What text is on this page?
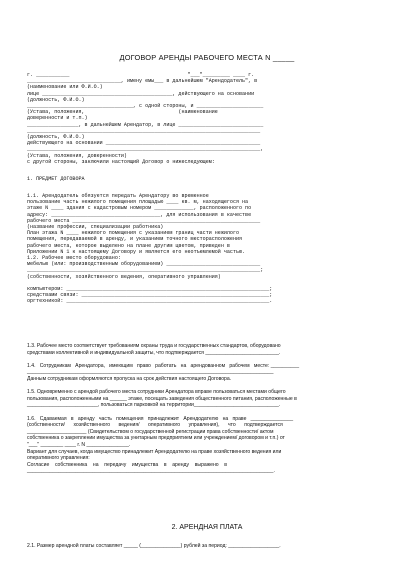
ДОГОВОР АРЕНДЫ РАБОЧЕГО МЕСТА N _____
г. ___________                                       "___"_________ ____ г.
_______________________________, имену емы___ в дальнейшем "Арендодатель", в
(наименование или Ф.И.О.)
лице ___________________________________________, действующего на основании
(должность, Ф.И.О.)
___________________________________, с одной стороны, и ______________________
(Устава, положения,                               (наименование
доверенности и т.п.)
_________________, в дальнейшем Арендатор, в лице ____________________________
_____________________________________________________________________________
(должность, Ф.И.О.)
действующего на основании ___________________________________________________
_____________________________________________________________________________,
(Устава, положения, доверенности)
с другой стороны, заключили настоящий Договор о нижеследующем:
1. ПРЕДМЕТ ДОГОВОРА
1.1. Арендодатель обязуется передать Арендатору во временное
пользование часть нежилого помещения площадью ____ кв. м, находящегося на
этаже N ____ здания с кадастровым номером _____________, расположенного по
адресу: ____________________________________, для использования в качестве
рабочего места ______________________________________________________________
(название профессии, специализации работника)
План этажа N ____ нежилого помещения с указанием границ части нежилого
помещения, передаваемой в аренду, и указанием точного месторасположения
рабочего места, которое выделено на плане другим цветом, приведен в
Приложении N 1 к настоящему Договору и является его неотъемлемой частью.
1.2. Рабочее место оборудовано:
мебелью (или: производственным оборудованием) _______________________________
_____________________________________________________________________________;
(собственности, хозяйственного ведения, оперативного управления)

компьютером: ___________________________________________________________________;
средствами связи: ______________________________________________________________;
оргтехникой: ___________________________________________________________________.
1.3. Рабочее место соответствует требованиям охраны труда и государственных стандартов, оборудовано
средствами коллективной и индивидуальной защиты, что подтверждается __________________________.

1.4.   Сотрудникам   Арендатора,   имеющим   право   работать   на   арендованном   рабочем   месте: __________
_______________________________________________________________________________________
Данным сотрудникам оформляются пропуска на срок действия настоящего Договора.

1.5. Одновременно с арендой рабочего места сотрудники Арендатора вправе пользоваться местами общего
пользования, расположенными на ______ этаже, посещать заведения общественного питания, расположенные в
_________________________, пользоваться парковкой на территории______________________________.

1.6.   Сдаваемая   в   аренду   часть   помещения   принадлежит   Арендодателю   на   праве   _______________
(собственности/      хозяйственного      ведения/      оперативного      управления),      что      подтверждается
_____________________ (Свидетельством о государственной регистрации права собственности/ актом
собственника о закреплении имущества за унитарным предприятием или учреждением/ договором и т.п.) от
"___" ________ ____ г. N _______________.
Вариант для случаев, когда имущество принадлежит Арендодателю на праве хозяйственного ведения или
оперативного управления:
Согласие    собственника    на    передачу    имущества    в    аренду    выражено    в
_______________________________________________________________________________________.
2. АРЕНДНАЯ ПЛАТА
2.1. Размер арендной платы составляет _____ (______________) рублей за период: __________________.
